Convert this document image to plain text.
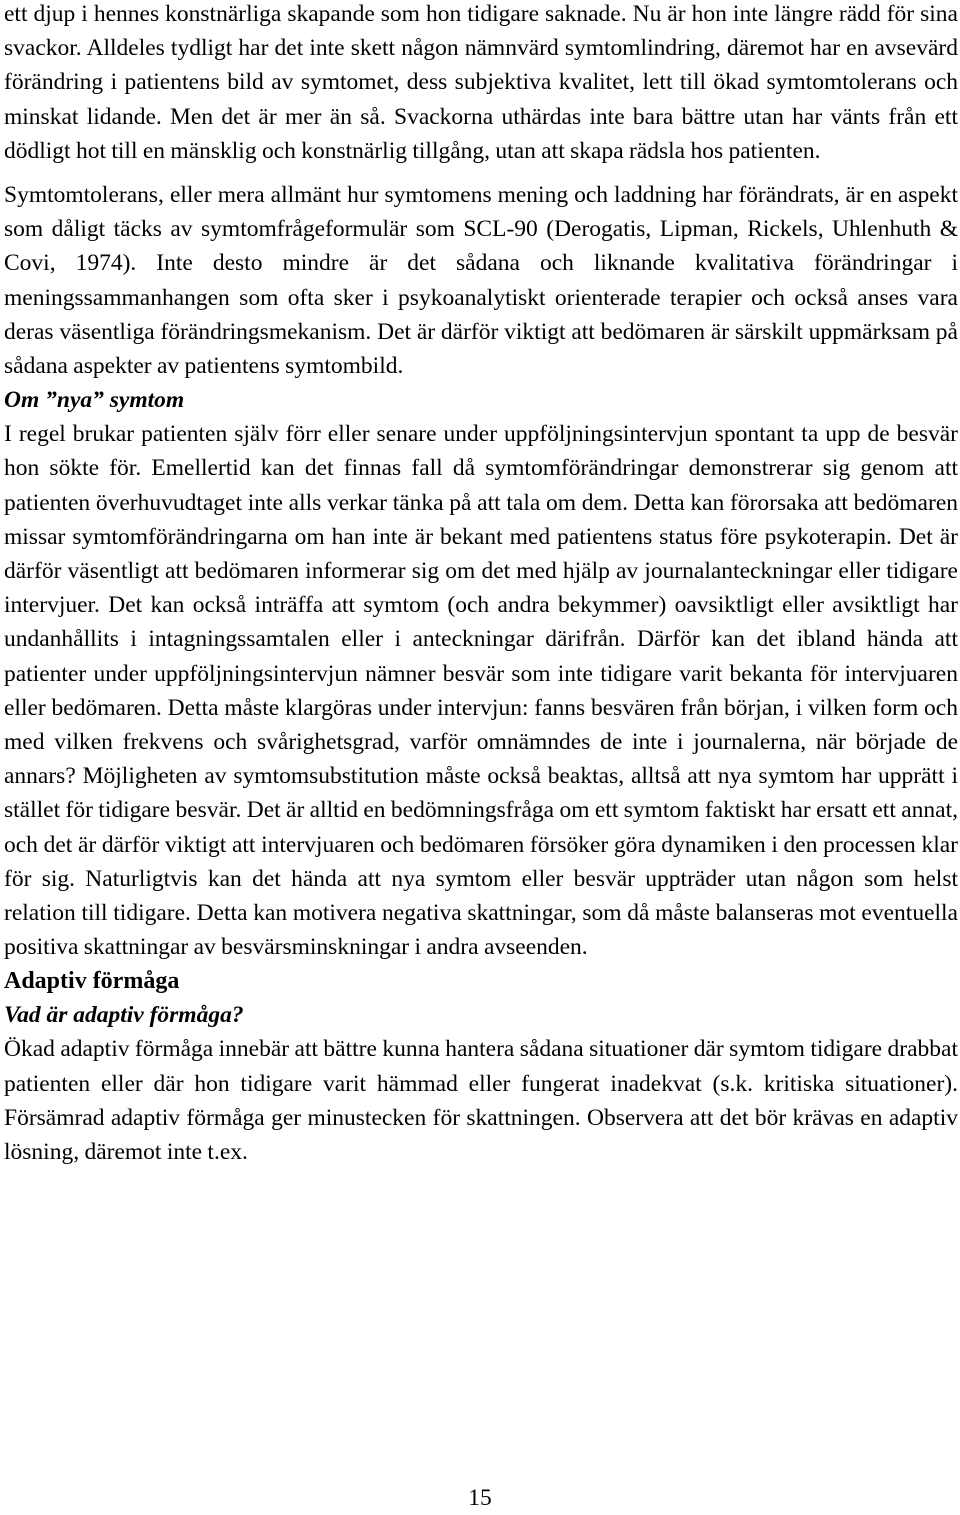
ett djup i hennes konstnärliga skapande som hon tidigare saknade. Nu är hon inte längre rädd för sina svackor. Alldeles tydligt har det inte skett någon nämnvärd symtomlindring, däremot har en avsevärd förändring i patientens bild av symtomet, dess subjektiva kvalitet, lett till ökad symtomtolerans och minskat lidande. Men det är mer än så. Svackorna uthärdas inte bara bättre utan har vänts från ett dödligt hot till en mänsklig och konstnärlig tillgång, utan att skapa rädsla hos patienten.

Symtomtolerans, eller mera allmänt hur symtomens mening och laddning har förändrats, är en aspekt som dåligt täcks av symtomfrågeformulär som SCL-90 (Derogatis, Lipman, Rickels, Uhlenhuth & Covi, 1974). Inte desto mindre är det sådana och liknande kvalitativa förändringar i meningssammanhangen som ofta sker i psykoanalytiskt orienterade terapier och också anses vara deras väsentliga förändringsmekanism. Det är därför viktigt att bedömaren är särskilt uppmärksam på sådana aspekter av patientens symtombild.

Om ”nya” symtom

I regel brukar patienten själv förr eller senare under uppföljningsintervjun spontant ta upp de besvär hon sökte för. Emellertid kan det finnas fall då symtomförändringar demonstrerar sig genom att patienten överhuvudtaget inte alls verkar tänka på att tala om dem. Detta kan förorsaka att bedömaren missar symtomförändringarna om han inte är bekant med patientens status före psykoterapin. Det är därför väsentligt att bedömaren informerar sig om det med hjälp av journalanteckningar eller tidigare intervjuer. Det kan också inträffa att symtom (och andra bekymmer) oavsiktligt eller avsiktligt har undanhållits i intagningssamtalen eller i anteckningar därifrån. Därför kan det ibland hända att patienter under uppföljningsintervjun nämner besvär som inte tidigare varit bekanta för intervjuaren eller bedömaren. Detta måste klargöras under intervjun: fanns besvären från början, i vilken form och med vilken frekvens och svårighetsgrad, varför omnämndes de inte i journalerna, när började de annars? Möjligheten av symtomsubstitution måste också beaktas, alltså att nya symtom har upprätt i stället för tidigare besvär. Det är alltid en bedömningsfråga om ett symtom faktiskt har ersatt ett annat, och det är därför viktigt att intervjuaren och bedömaren försöker göra dynamiken i den processen klar för sig. Naturligtvis kan det hända att nya symtom eller besvär uppträder utan någon som helst relation till tidigare. Detta kan motivera negativa skattningar, som då måste balanseras mot eventuella positiva skattningar av besvärsminskningar i andra avseenden.

Adaptiv förmåga

Vad är adaptiv förmåga?

Ökad adaptiv förmåga innebär att bättre kunna hantera sådana situationer där symtom tidigare drabbat patienten eller där hon tidigare varit hämmad eller fungerat inadekvat (s.k. kritiska situationer). Försämrad adaptiv förmåga ger minustecken för skattningen. Observera att det bör krävas en adaptiv lösning, däremot inte t.ex.

15
